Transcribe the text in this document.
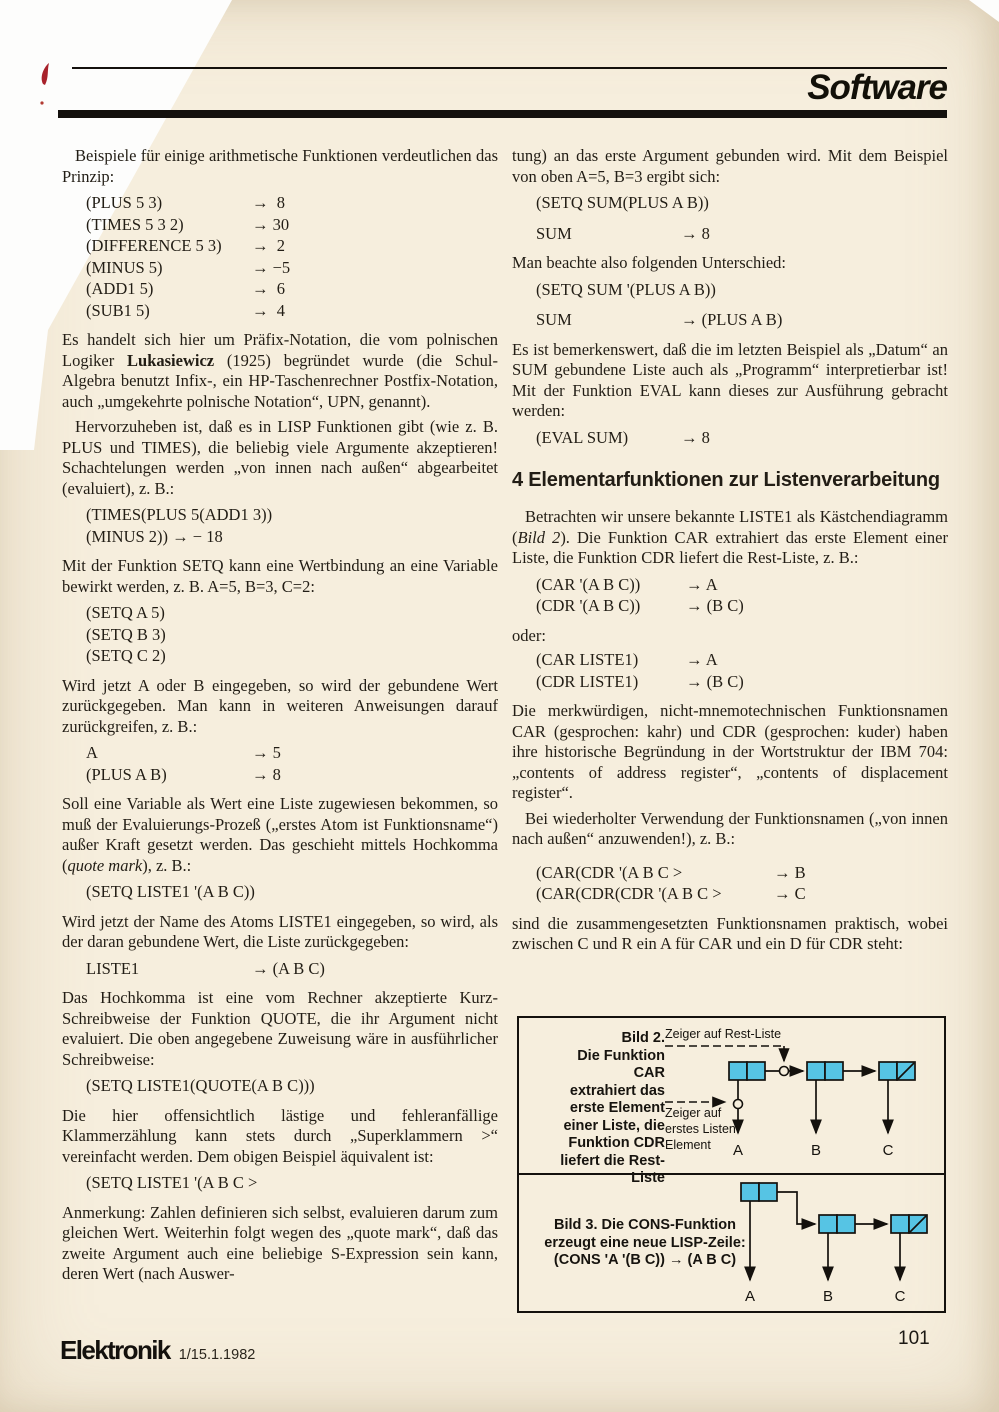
Software

Beispiele für einige arithmetische Funktionen verdeutlichen das Prinzip:

(PLUS 5 3)	→  8
(TIMES 5 3 2)	→ 30
(DIFFERENCE 5 3)	→  2
(MINUS 5)	→ −5
(ADD1 5)	→  6
(SUB1 5)	→  4

Es handelt sich hier um Präfix-Notation, die vom polnischen Logiker Lukasiewicz (1925) begründet wurde (die Schul-Algebra benutzt Infix-, ein HP-Taschenrechner Postfix-Notation, auch „umgekehrte polnische Notation“, UPN, genannt).

Hervorzuheben ist, daß es in LISP Funktionen gibt (wie z. B. PLUS und TIMES), die beliebig viele Argumente akzeptieren! Schachtelungen werden „von innen nach außen“ abgearbeitet (evaluiert), z. B.:

(TIMES(PLUS 5(ADD1 3))
(MINUS 2)) → − 18

Mit der Funktion SETQ kann eine Wertbindung an eine Variable bewirkt werden, z. B. A=5, B=3, C=2:

(SETQ A 5)
(SETQ B 3)
(SETQ C 2)

Wird jetzt A oder B eingegeben, so wird der gebundene Wert zurückgegeben. Man kann in weiteren Anweisungen darauf zurückgreifen, z. B.:

A	→ 5
(PLUS A B)	→ 8

Soll eine Variable als Wert eine Liste zugewiesen bekommen, so muß der Evaluierungs-Prozeß („erstes Atom ist Funktionsname“) außer Kraft gesetzt werden. Das geschieht mittels Hochkomma (quote mark), z. B.:

(SETQ LISTE1 '(A B C))

Wird jetzt der Name des Atoms LISTE1 eingegeben, so wird, als der daran gebundene Wert, die Liste zurückgegeben:

LISTE1	→ (A B C)

Das Hochkomma ist eine vom Rechner akzeptierte Kurz-Schreibweise der Funktion QUOTE, die ihr Argument nicht evaluiert. Die oben angegebene Zuweisung wäre in ausführlicher Schreibweise:

(SETQ LISTE1(QUOTE(A B C)))

Die hier offensichtlich lästige und fehleranfällige Klammerzählung kann stets durch „Superklammern >“ vereinfacht werden. Dem obigen Beispiel äquivalent ist:

(SETQ LISTE1 '(A B C >

Anmerkung: Zahlen definieren sich selbst, evaluieren darum zum gleichen Wert. Weiterhin folgt wegen des „quote mark“, daß das zweite Argument auch eine beliebige S-Expression sein kann, deren Wert (nach Auswer-

tung) an das erste Argument gebunden wird. Mit dem Beispiel von oben A=5, B=3 ergibt sich:

(SETQ SUM(PLUS A B))
SUM	→ 8

Man beachte also folgenden Unterschied:

(SETQ SUM '(PLUS A B))
SUM	→ (PLUS A B)

Es ist bemerkenswert, daß die im letzten Beispiel als „Datum“ an SUM gebundene Liste auch als „Programm“ interpretierbar ist! Mit der Funktion EVAL kann dieses zur Ausführung gebracht werden:

(EVAL SUM)	→ 8
4 Elementarfunktionen zur Listenverarbeitung

Betrachten wir unsere bekannte LISTE1 als Kästchendiagramm (Bild 2). Die Funktion CAR extrahiert das erste Element einer Liste, die Funktion CDR liefert die Rest-Liste, z. B.:

(CAR '(A B C))	→ A
(CDR '(A B C))	→ (B C)
oder:
(CAR LISTE1)	→ A
(CDR LISTE1)	→ (B C)

Die merkwürdigen, nicht-mnemotechnischen Funktionsnamen CAR (gesprochen: kahr) und CDR (gesprochen: kuder) haben ihre historische Begründung in der Wortstruktur der IBM 704: „contents of address register“, „contents of displacement register“.

Bei wiederholter Verwendung der Funktionsnamen („von innen nach außen“ anzuwenden!), z. B.:

(CAR(CDR '(A B C >	→ B
(CAR(CDR(CDR '(A B C >	→ C

sind die zusammengesetzten Funktionsnamen praktisch, wobei zwischen C und R ein A für CAR und ein D für CDR steht:

Bild 2.
Die Funktion CAR
extrahiert das
erste Element
einer Liste, die
Funktion CDR
liefert die Rest-
Liste
Zeiger auf Rest-Liste
Zeiger auf
erstes Listen-
Element A	B	C
Bild 3. Die CONS-Funktion
erzeugt eine neue LISP-Zeile:
(CONS 'A '(B C)) → (A B C)
A	B	C
Elektronik 1/15.1.1982
101
